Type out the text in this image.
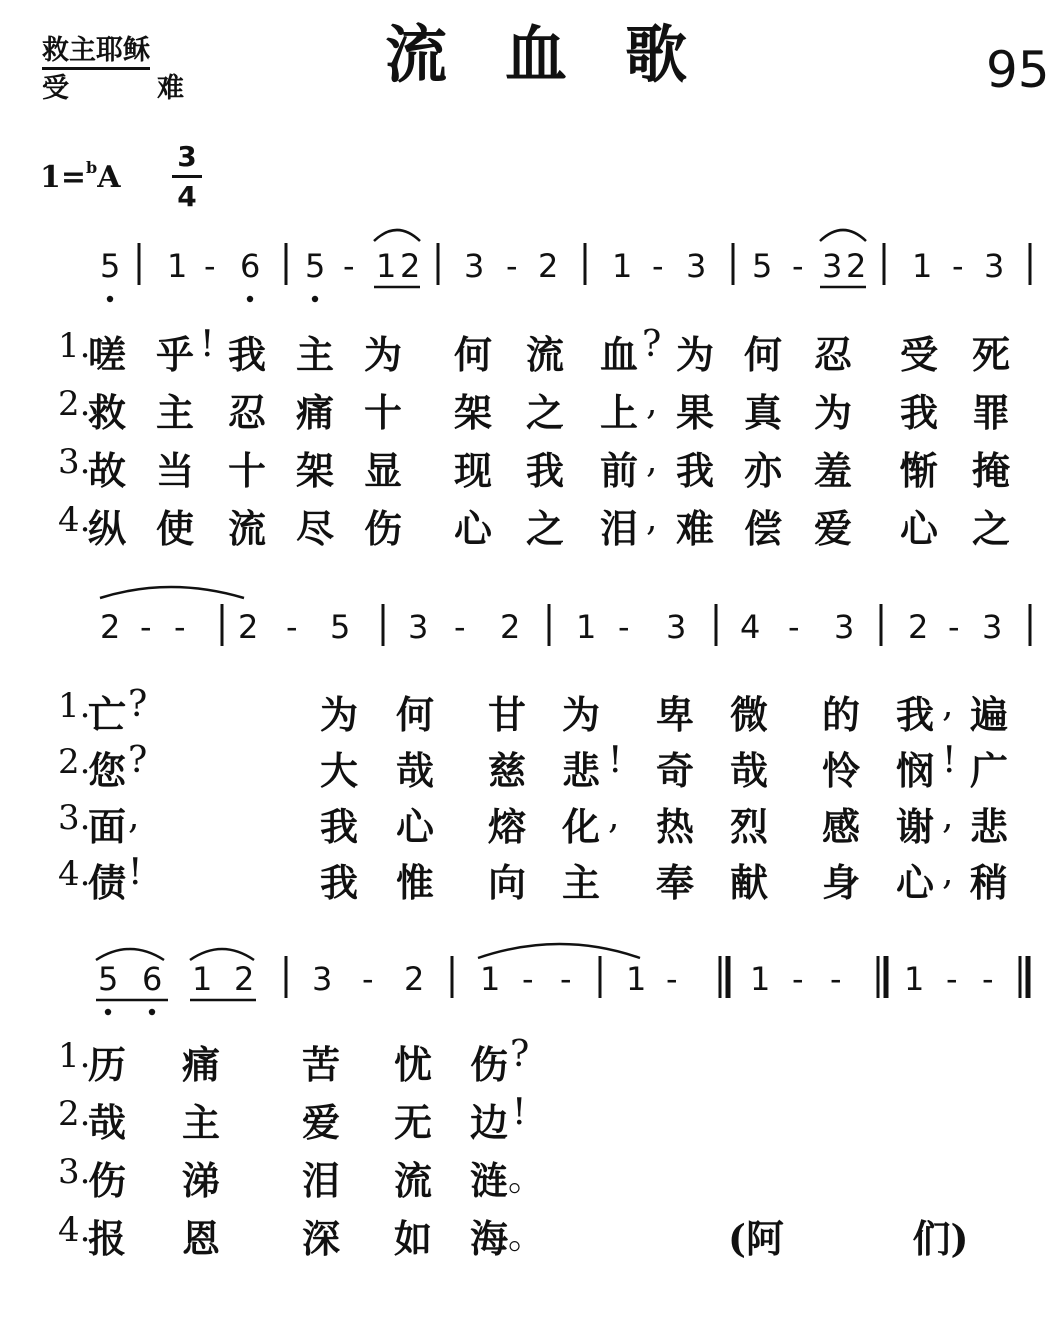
救主耶稣
受	难	流血歌	95
1=$^b$A
3
4
5 1 - 6 5 - 1 2 3 - 2 1 - 3 5 - 3 2 1 - 3
1.
嗟 乎 ! 我 主 为 何 流 血 ? 为 何 忍 受 死
2.
救 主 忍 痛 十 架 之 上 , 果 真 为 我 罪
3.
故 当 十 架 显 现 我 前 , 我 亦 羞 惭 掩
4.
纵 使 流 尽 伤 心 之 泪 , 难 偿 爱 心 之
2 - - 2 - 5 3 - 2 1 - 3 4 - 3 2 - 3
1.
亡 ?	为 何 甘 为 卑 微 的 我 , 遍
2.
您 ?	大 哉 慈 悲 ! 奇 哉 怜 悯 ! 广
3.
面 ,	我 心 熔 化 , 热 烈 感 谢 , 悲
4.
债 !	我 惟 向 主 奉 献 身 心 , 稍
5 6 1 2 3 - 2 1 - - 1 - 1 - - 1 - -
1.
历 痛 苦 忧 伤 ?
2.
哉 主 爱 无 边 !
3.
伤 涕 泪 流 涟 。
4.
报 恩 深 如 海 。	(阿	们)
